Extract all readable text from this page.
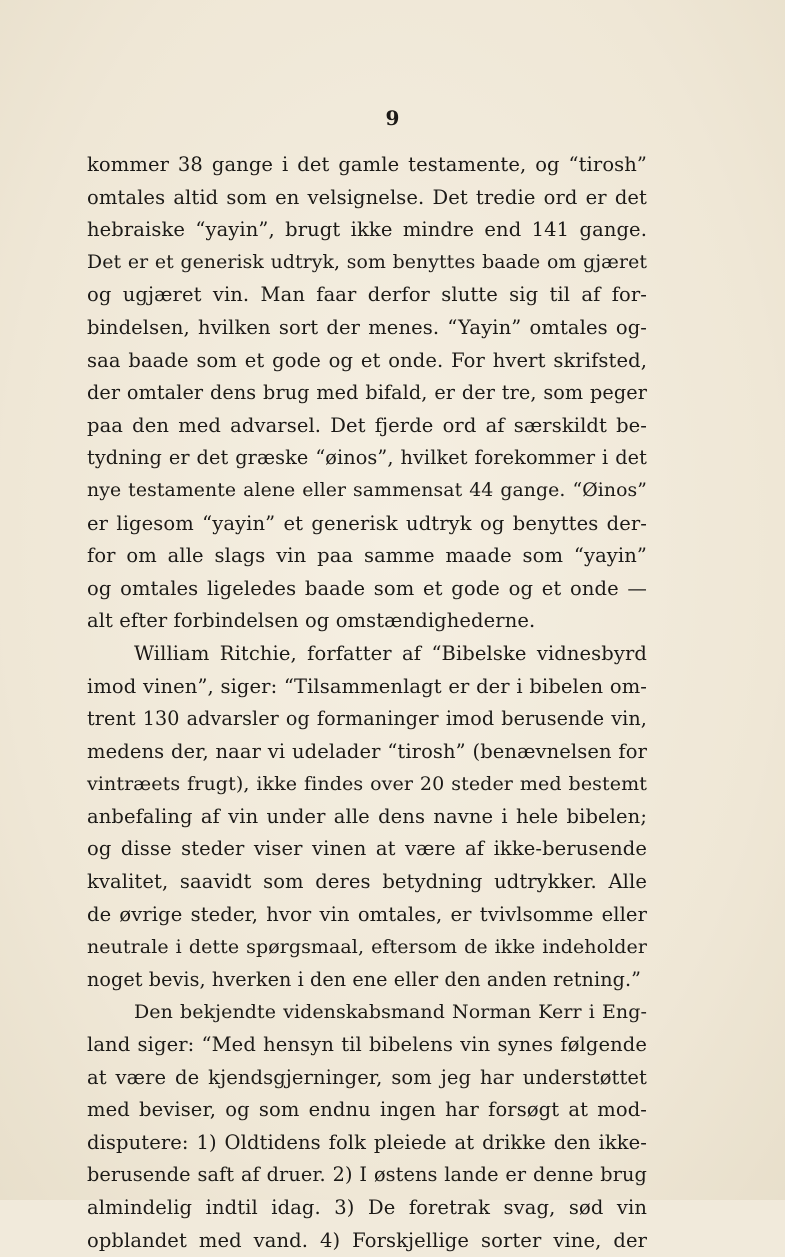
9
kommer 38 gange i det gamle testamente, og “tirosh”
omtales altid som en velsignelse. Det tredie ord er det
hebraiske “yayin”, brugt ikke mindre end 141 gange.
Det er et generisk udtryk, som benyttes baade om gjæret
og ugjæret vin. Man faar derfor slutte sig til af for-
bindelsen, hvilken sort der menes. “Yayin” omtales og-
saa baade som et gode og et onde. For hvert skrifsted,
der omtaler dens brug med bifald, er der tre, som peger
paa den med advarsel. Det fjerde ord af særskildt be-
tydning er det græske “øinos”, hvilket forekommer i det
nye testamente alene eller sammensat 44 gange. “Øinos”
er ligesom “yayin” et generisk udtryk og benyttes der-
for om alle slags vin paa samme maade som “yayin”
og omtales ligeledes baade som et gode og et onde —
alt efter forbindelsen og omstændighederne.
William Ritchie, forfatter af “Bibelske vidnesbyrd
imod vinen”, siger: “Tilsammenlagt er der i bibelen om-
trent 130 advarsler og formaninger imod berusende vin,
medens der, naar vi udelader “tirosh” (benævnelsen for
vintræets frugt), ikke findes over 20 steder med bestemt
anbefaling af vin under alle dens navne i hele bibelen;
og disse steder viser vinen at være af ikke-berusende
kvalitet, saavidt som deres betydning udtrykker. Alle
de øvrige steder, hvor vin omtales, er tvivlsomme eller
neutrale i dette spørgsmaal, eftersom de ikke indeholder
noget bevis, hverken i den ene eller den anden retning.”
Den bekjendte videnskabsmand Norman Kerr i Eng-
land siger: “Med hensyn til bibelens vin synes følgende
at være de kjendsgjerninger, som jeg har understøttet
med beviser, og som endnu ingen har forsøgt at mod-
disputere: 1) Oldtidens folk pleiede at drikke den ikke-
berusende saft af druer. 2) I østens lande er denne brug
almindelig indtil idag. 3) De foretrak svag, sød vin
opblandet med vand. 4) Forskjellige sorter vine, der
